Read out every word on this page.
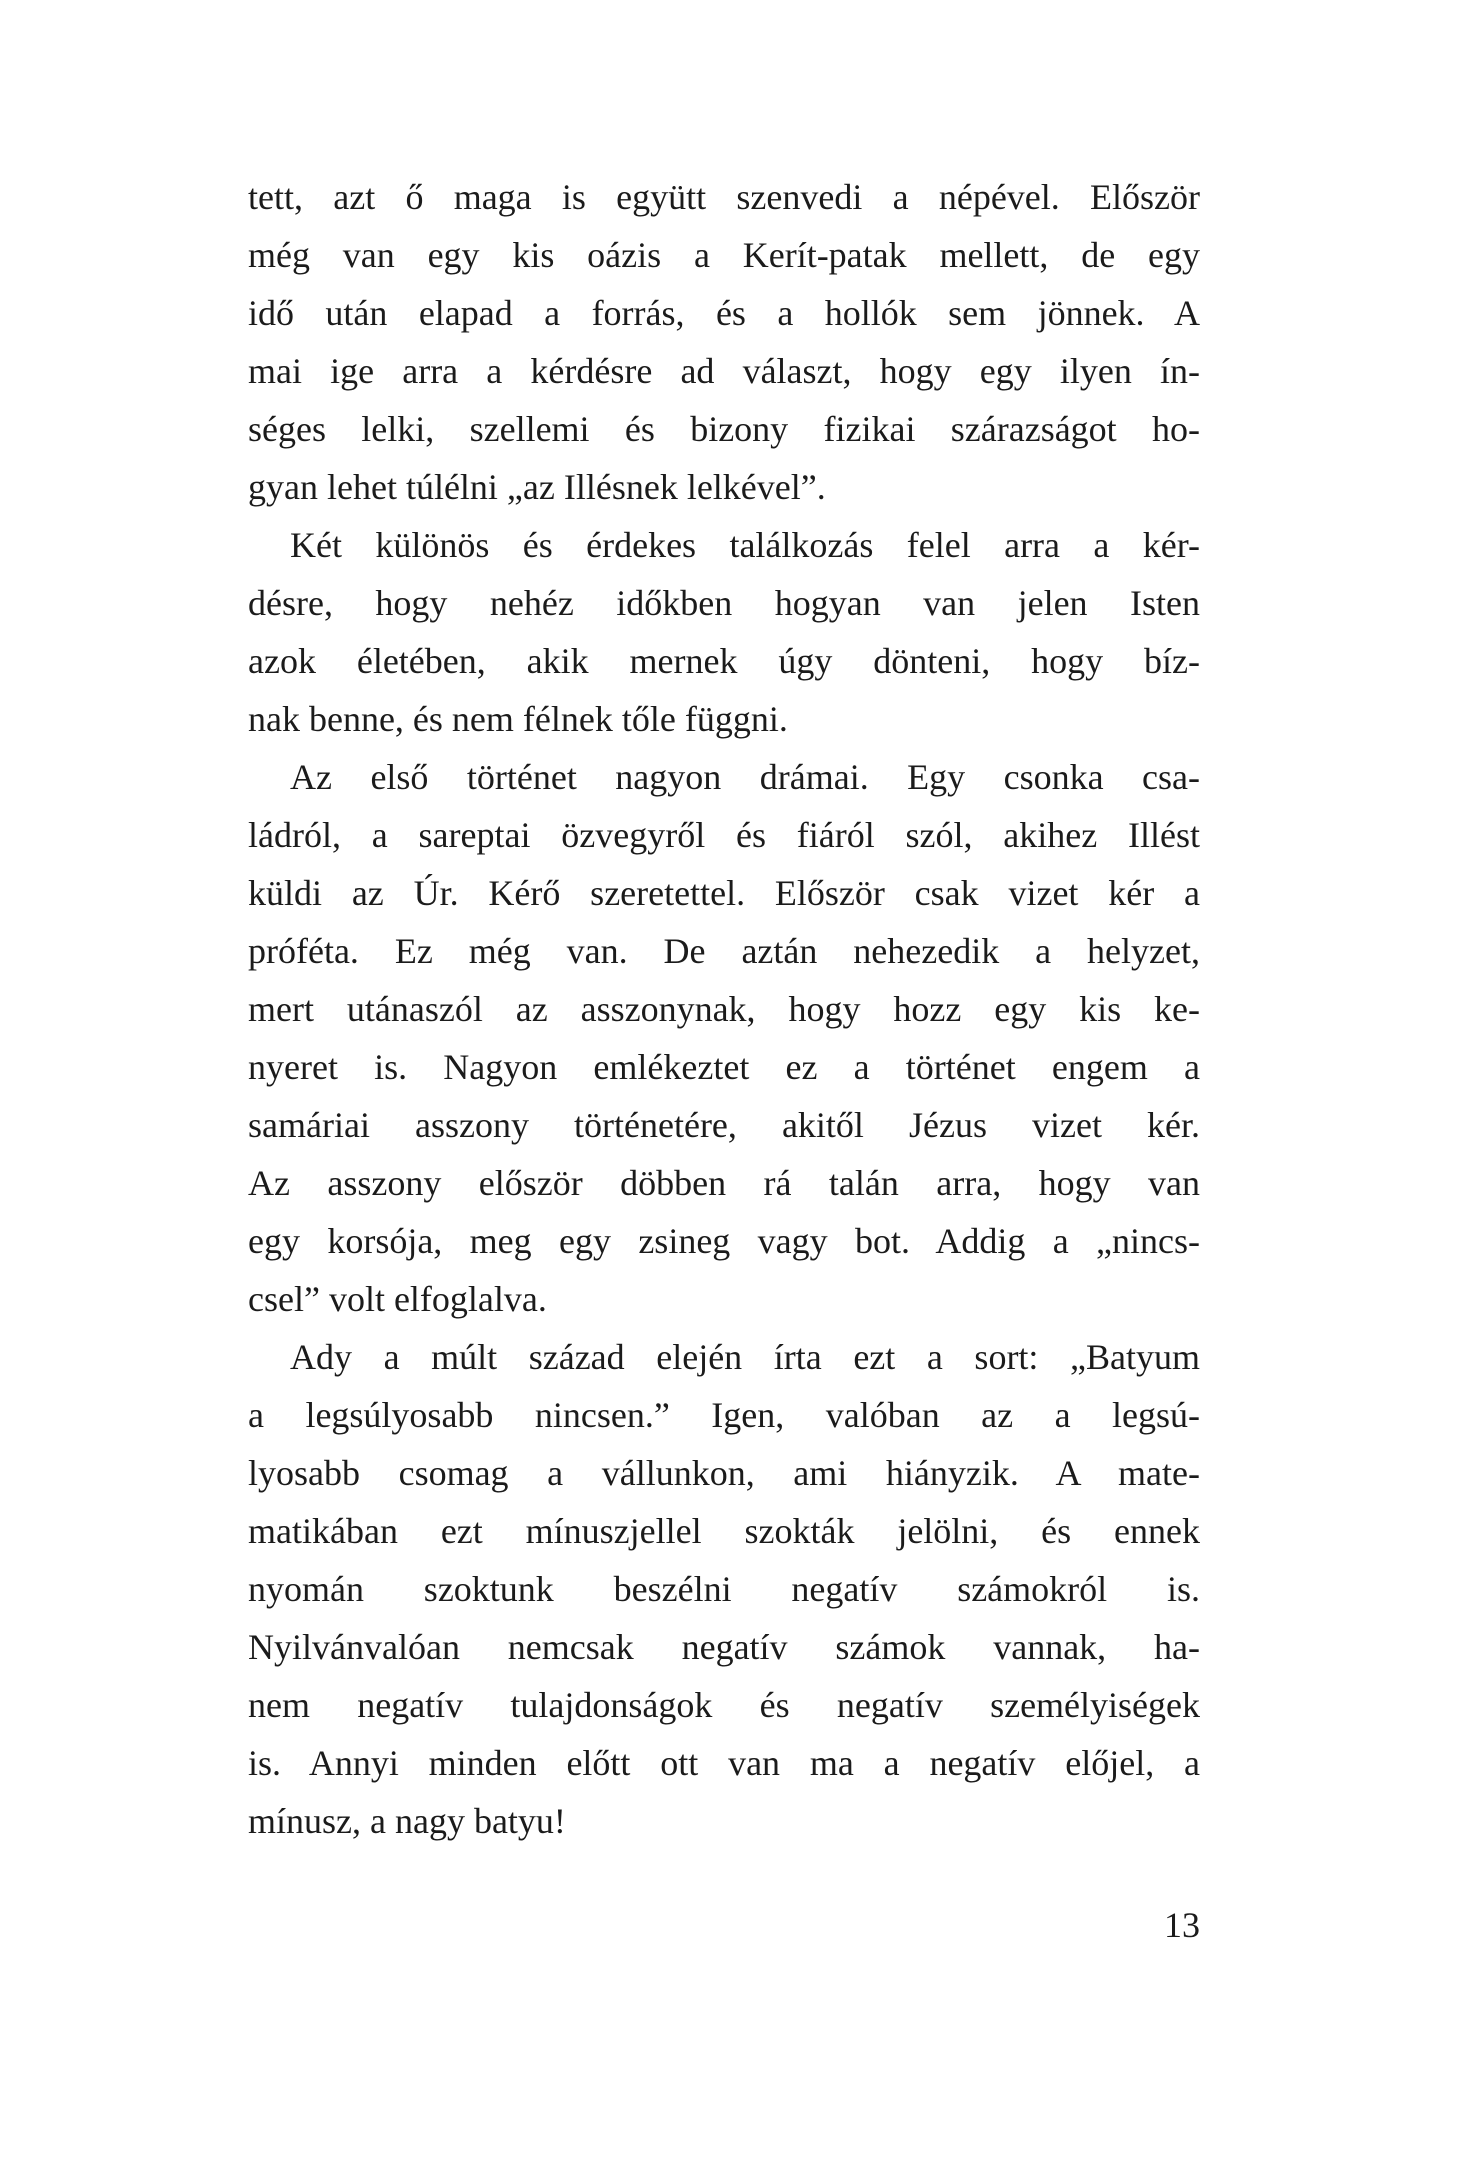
tett, azt ő maga is együtt szenvedi a népével. Először

még van egy kis oázis a Kerít-patak mellett, de egy

idő után elapad a forrás, és a hollók sem jönnek. A

mai ige arra a kérdésre ad választ, hogy egy ilyen ín-

séges lelki, szellemi és bizony fizikai szárazságot ho-

gyan lehet túlélni „az Illésnek lelkével”.

Két különös és érdekes találkozás felel arra a kér-

désre, hogy nehéz időkben hogyan van jelen Isten

azok életében, akik mernek úgy dönteni, hogy bíz-

nak benne, és nem félnek tőle függni.

Az első történet nagyon drámai. Egy csonka csa-

ládról, a sareptai özvegyről és fiáról szól, akihez Illést

küldi az Úr. Kérő szeretettel. Először csak vizet kér a

próféta. Ez még van. De aztán nehezedik a helyzet,

mert utánaszól az asszonynak, hogy hozz egy kis ke-

nyeret is. Nagyon emlékeztet ez a történet engem a

samáriai asszony történetére, akitől Jézus vizet kér.

Az asszony először döbben rá talán arra, hogy van

egy korsója, meg egy zsineg vagy bot. Addig a „nincs-

csel” volt elfoglalva.

Ady a múlt század elején írta ezt a sort: „Batyum

a legsúlyosabb nincsen.” Igen, valóban az a legsú-

lyosabb csomag a vállunkon, ami hiányzik. A mate-

matikában ezt mínuszjellel szokták jelölni, és ennek

nyomán szoktunk beszélni negatív számokról is.

Nyilvánvalóan nemcsak negatív számok vannak, ha-

nem negatív tulajdonságok és negatív személyiségek

is. Annyi minden előtt ott van ma a negatív előjel, a

mínusz, a nagy batyu!

13
